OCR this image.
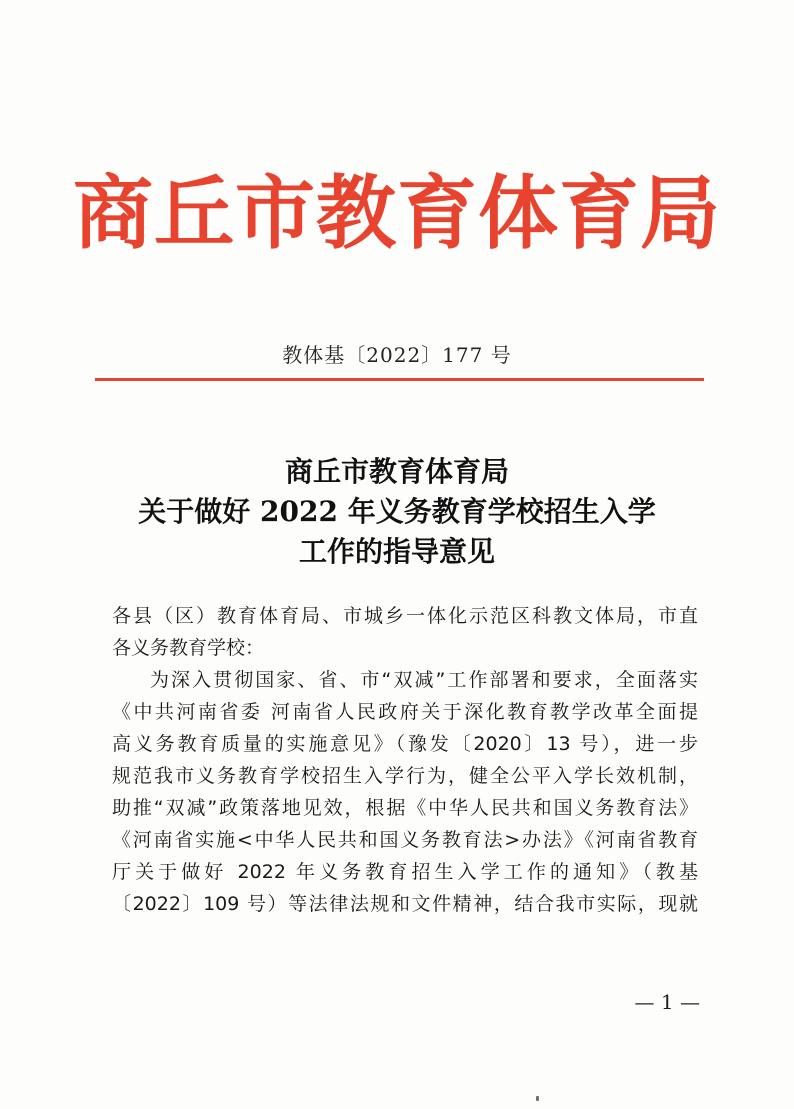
商丘市教育体育局
教体基〔2022〕177 号
商丘市教育体育局
关于做好 2022 年义务教育学校招生入学
工作的指导意见
各县（区）教育体育局、市城乡一体化示范区科教文体局，市直
各义务教育学校：
为深入贯彻国家、省、市“双减”工作部署和要求，全面落实
《中共河南省委 河南省人民政府关于深化教育教学改革全面提
高义务教育质量的实施意见》（豫发〔2020〕13 号），进一步
规范我市义务教育学校招生入学行为，健全公平入学长效机制，
助推“双减”政策落地见效，根据《中华人民共和国义务教育法》
《河南省实施<中华人民共和国义务教育法>办法》《河南省教育
厅关于做好 2022 年义务教育招生入学工作的通知》（教基
〔2022〕109 号）等法律法规和文件精神，结合我市实际，现就
— 1 —
